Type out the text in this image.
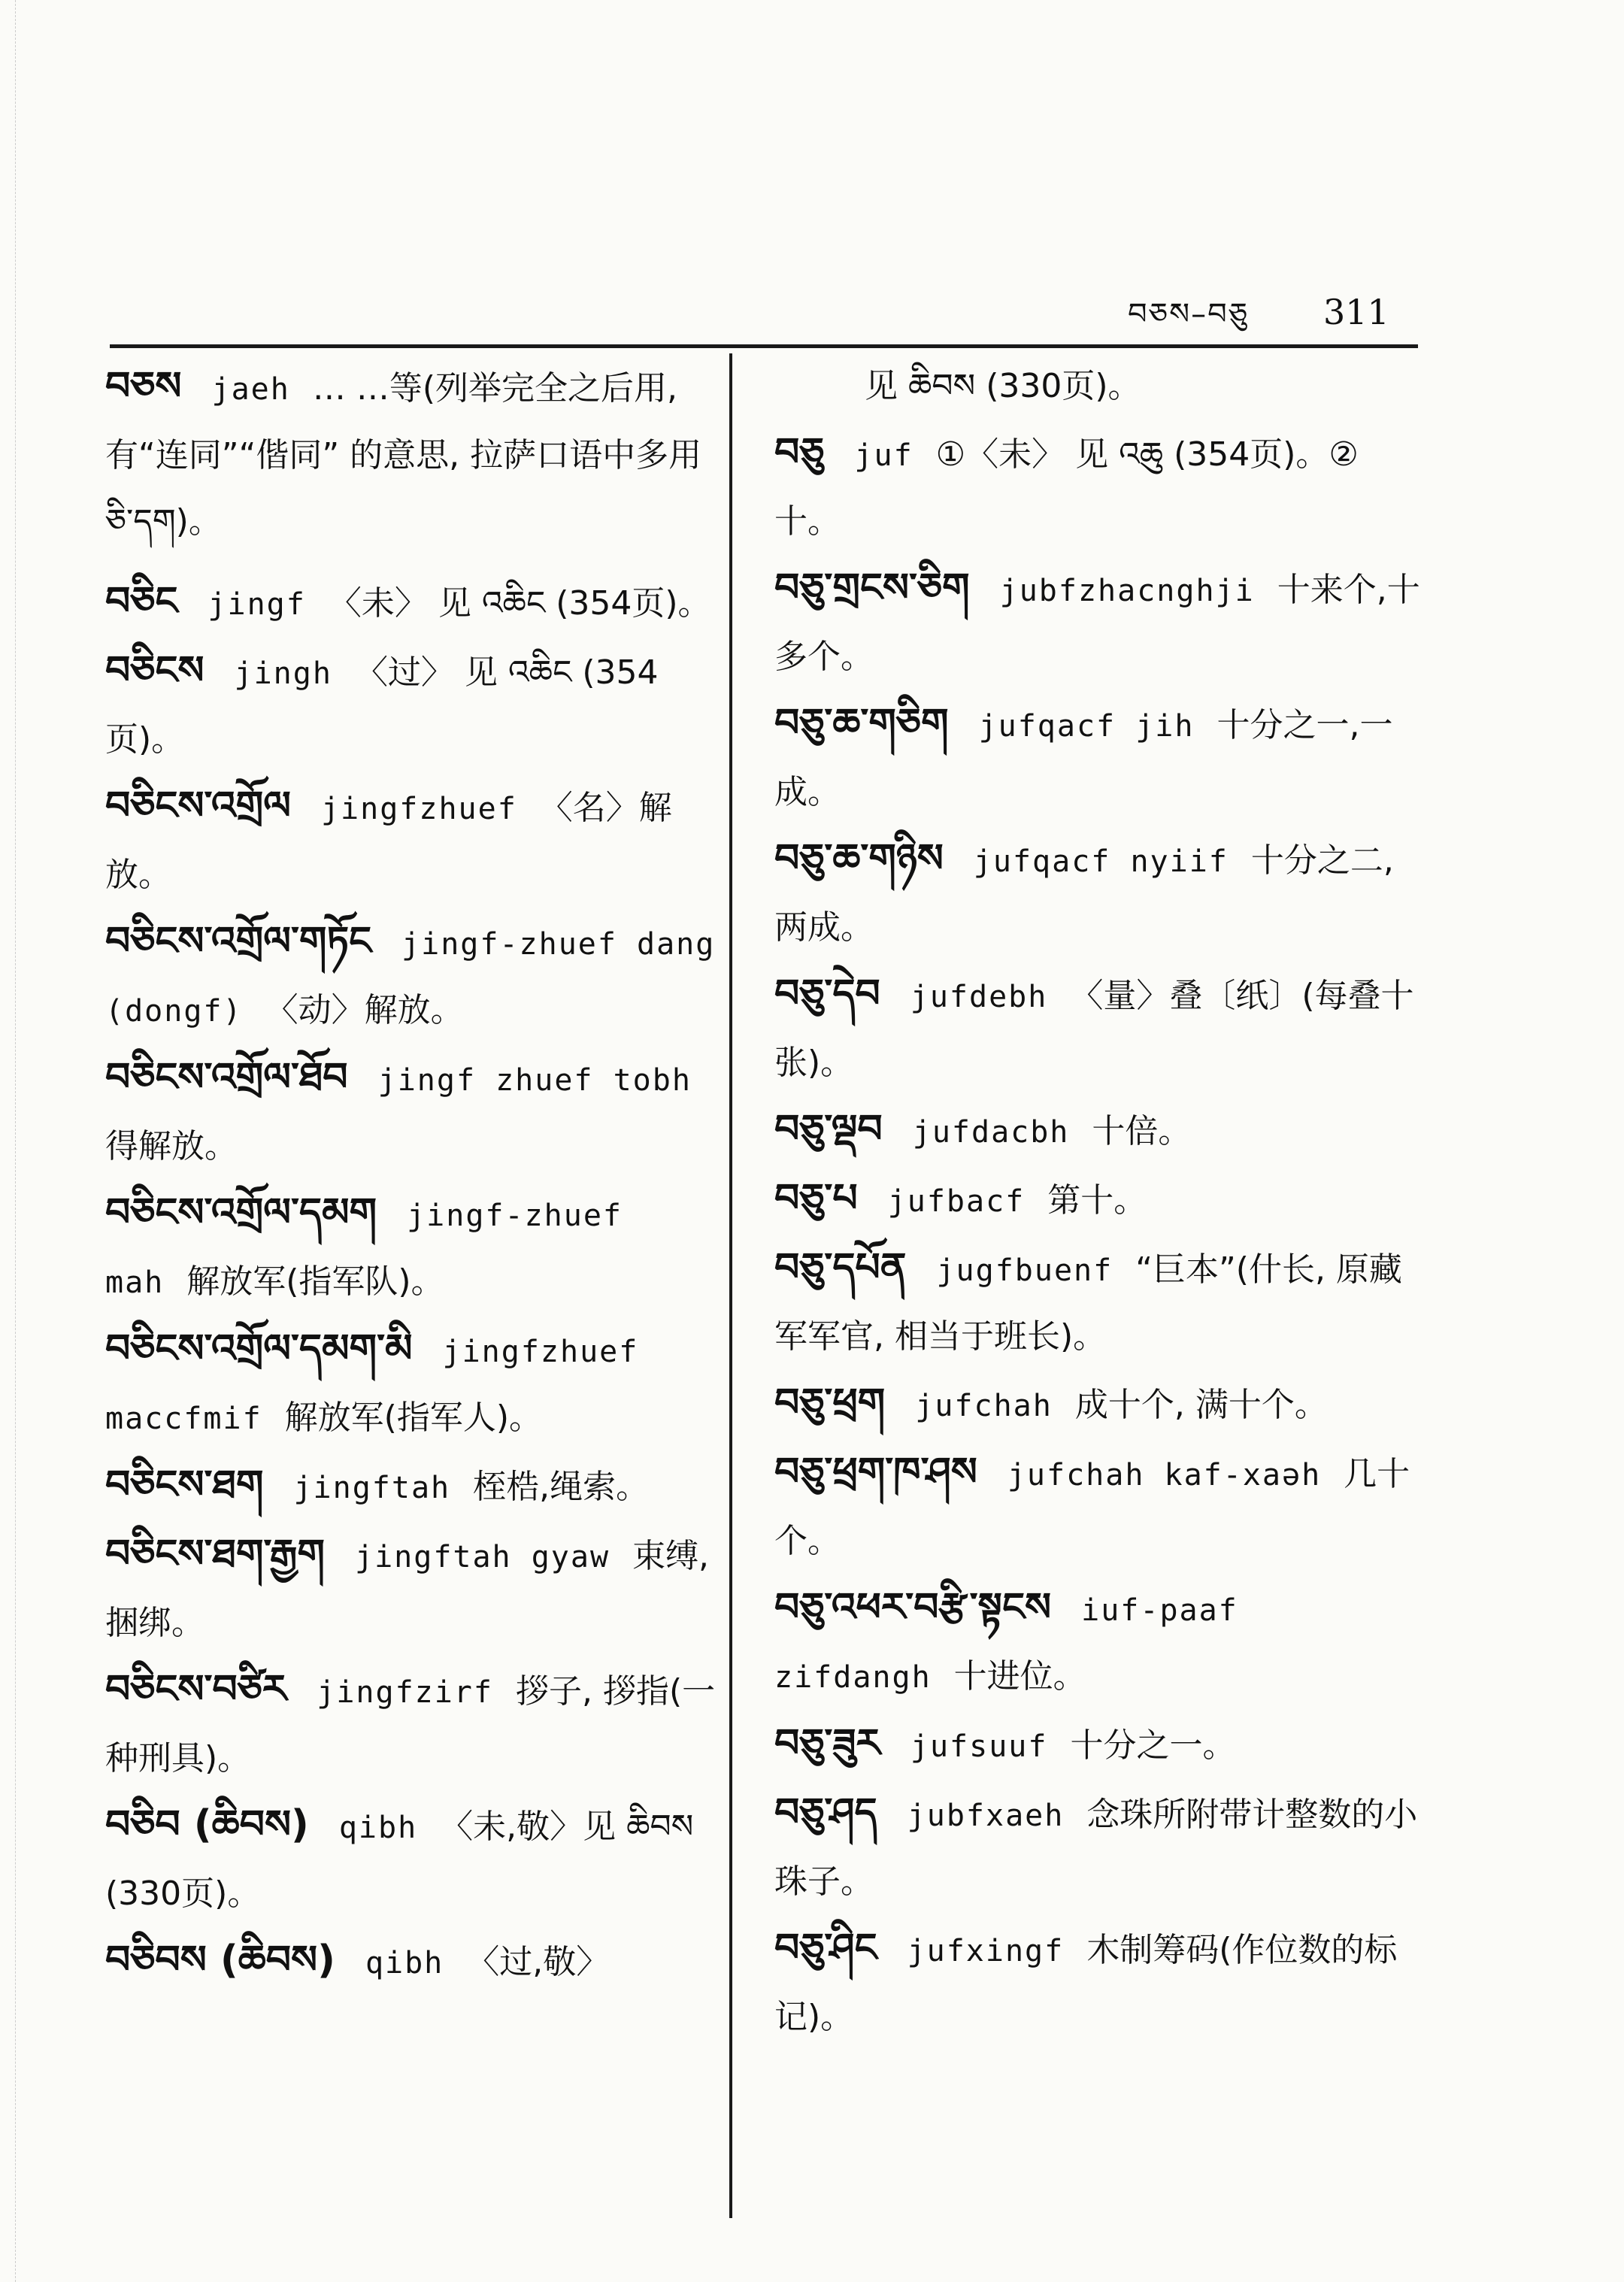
བཅས–བཅུ 311

བཅས jaeh … …等(列举完全之后用,有“连同”“偕同” 的意思, 拉萨口语中多用 ཅི་དག)。

བཅིང jingf 〈未〉 见 འཆིང (354页)。

བཅིངས jingh 〈过〉 见 འཆིང (354页)。

བཅིངས་འགྲོལ jingfzhuef 〈名〉解放。

བཅིངས་འགྲོལ་གཏོང jingf-zhuef dang (dongf) 〈动〉解放。

བཅིངས་འགྲོལ་ཐོབ jingf zhuef tobh得解放。

བཅིངས་འགྲོལ་དམག jingf-zhuef mah 解放军(指军队)。

བཅིངས་འགྲོལ་དམག་མི jingfzhuef maccfmif 解放军(指军人)。

བཅིངས་ཐག jingftah 桎梏,绳索。

བཅིངས་ཐག་རྒྱག jingftah gyaw 束缚,捆绑。

བཅིངས་བཙིར jingfzirf 拶子, 拶指(一种刑具)。

བཅིབ (ཆིབས) qibh 〈未,敬〉见 ཆིབས (330页)。

བཅིབས (ཆིབས) qibh 〈过,敬〉

见 ཆིབས (330页)。

བཅུ juf ①〈未〉 见 འཆུ (354页)。②十。

བཅུ་གྲངས་ཅིག jubfzhacnghji 十来个,十多个。

བཅུ་ཆ་གཅིག jufqacf jih 十分之一,一成。

བཅུ་ཆ་གཉིས jufqacf nyiif 十分之二,两成。

བཅུ་དེབ jufdebh 〈量〉叠〔纸〕(每叠十张)。

བཅུ་ལྡབ jufdacbh 十倍。

བཅུ་པ jufbacf 第十。

བཅུ་དཔོན jugfbuenf “巨本”(什长, 原藏军军官, 相当于班长)。

བཅུ་ཕྲག jufchah 成十个, 满十个。

བཅུ་ཕྲག་ཁ་ཤས jufchah kaf-xaəh 几十个。

བཅུ་འཕར་བརྩི་སྟངས iuf-paaf zifdangh 十进位。

བཅུ་ཟུར jufsuuf 十分之一。

བཅུ་ཤད jubfxaeh 念珠所附带计整数的小珠子。

བཅུ་ཤིང jufxingf 木制筹码(作位数的标记)。
